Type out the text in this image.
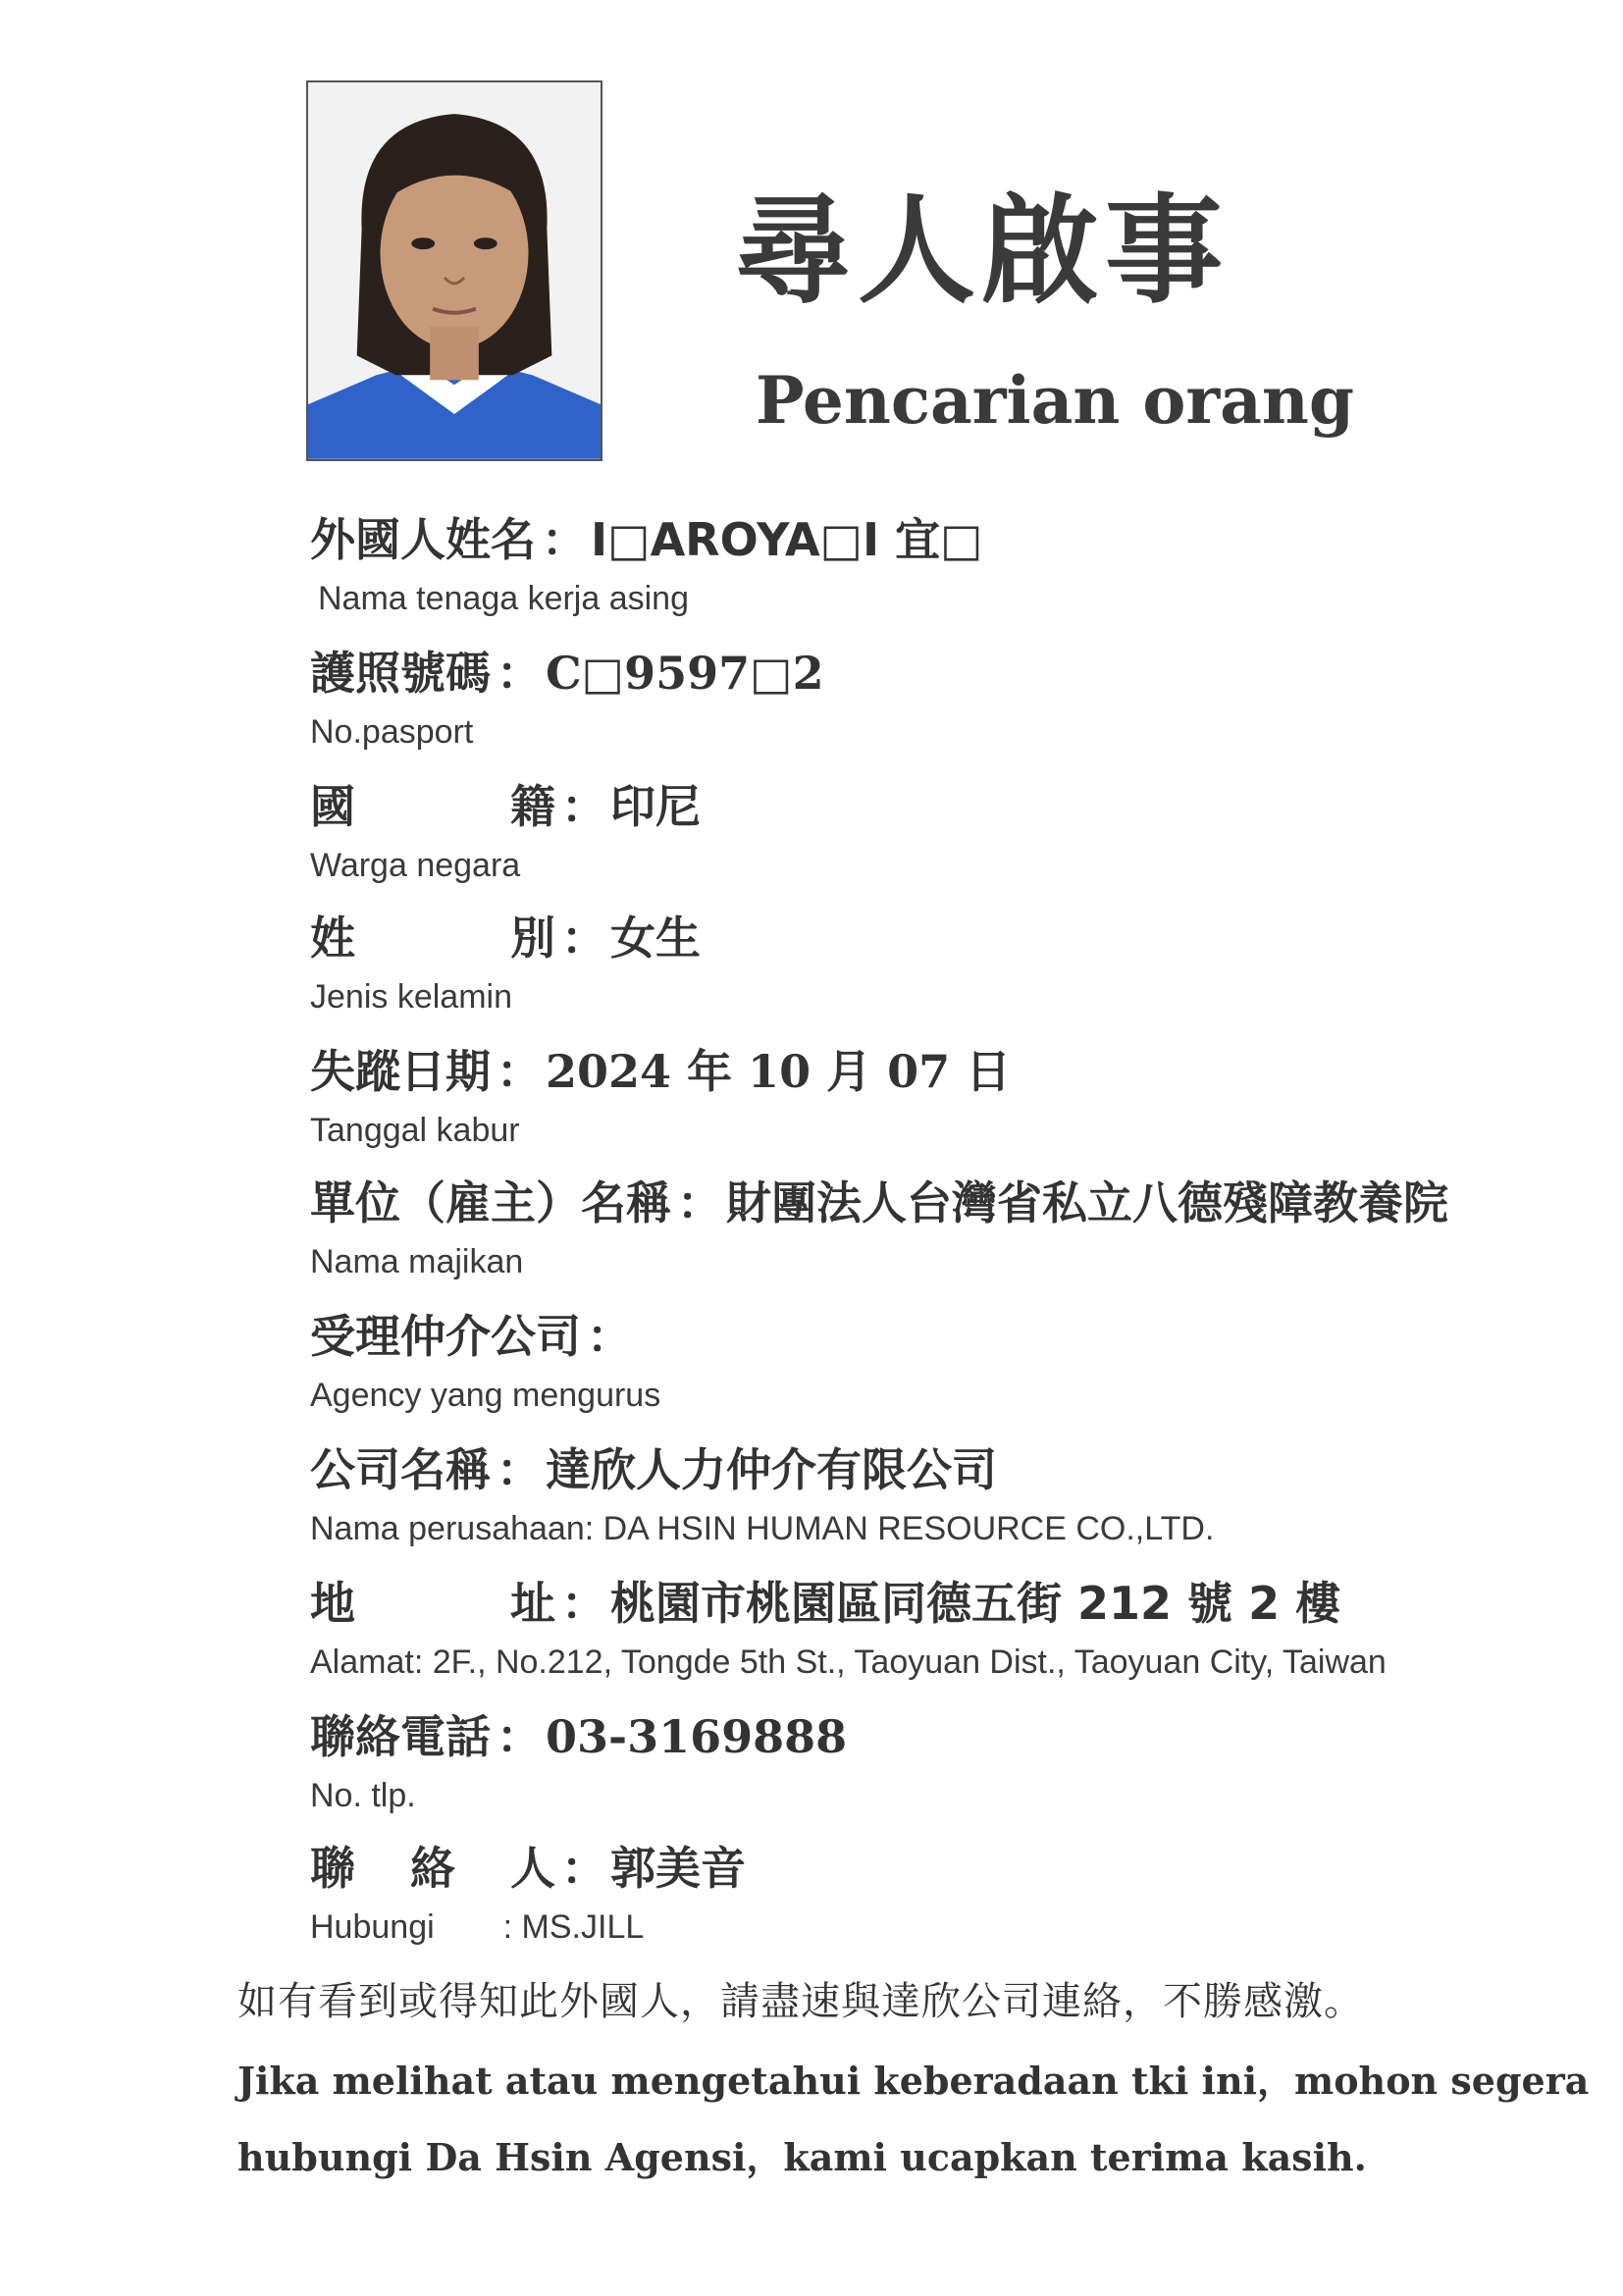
尋人啟事
Pencarian orang
外國人姓名 ： I□AROYA□I 宜□
Nama tenaga kerja asing
護照號碼 ： C□9597□2
No.pasport
國	籍 ： 印尼
Warga negara
姓	別 ： 女生
Jenis kelamin
失蹤日期 ： 2024 年 10 月 07 日
Tanggal kabur
單位（雇主）名稱 ： 財團法人台灣省私立八德殘障教養院
Nama majikan
受理仲介公司 ：
Agency yang mengurus
公司名稱 ： 達欣人力仲介有限公司
Nama perusahaan: DA HSIN HUMAN RESOURCE CO.,LTD.
地	址 ： 桃園市桃園區同德五街 212 號 2 樓
Alamat: 2F., No.212, Tongde 5th St., Taoyuan Dist., Taoyuan City, Taiwan
聯絡電話 ： 03-3169888
No. tlp.
聯 絡 人 ： 郭美音
Hubungi : MS.JILL
如有看到或得知此外國人，請盡速與達欣公司連絡，不勝感激。
Jika melihat atau mengetahui keberadaan tki ini，mohon segera
hubungi Da Hsin Agensi，kami ucapkan terima kasih.
